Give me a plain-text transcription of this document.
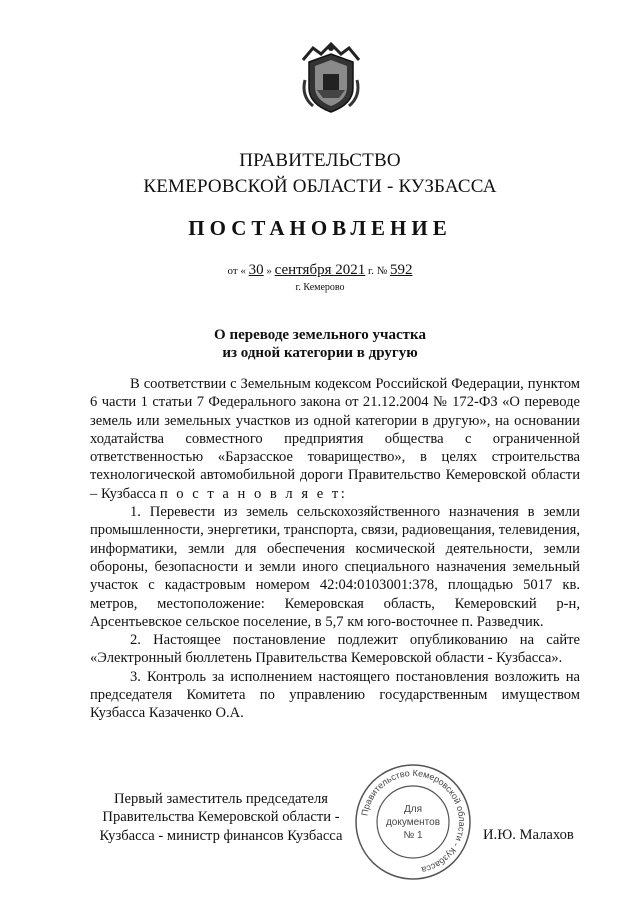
ПРАВИТЕЛЬСТВО
КЕМЕРОВСКОЙ ОБЛАСТИ - КУЗБАССА
ПОСТАНОВЛЕНИЕ
от « 30 » сентября 2021 г. № 592
г. Кемерово
О переводе земельного участка
из одной категории в другую

В соответствии с Земельным кодексом Российской Федерации, пунктом 6 части 1 статьи 7 Федерального закона от 21.12.2004 № 172-ФЗ «О переводе земель или земельных участков из одной категории в другую», на основании ходатайства совместного предприятия общества с ограниченной ответственностью «Барзасское товарищество», в целях строительства технологической автомобильной дороги Правительство Кемеровской области – Кузбасса п о с т а н о в л я е т:

1. Перевести из земель сельскохозяйственного назначения в земли промышленности, энергетики, транспорта, связи, радиовещания, телевидения, информатики, земли для обеспечения космической деятельности, земли обороны, безопасности и земли иного специального назначения земельный участок с кадастровым номером 42:04:0103001:378, площадью 5017 кв. метров, местоположение: Кемеровская область, Кемеровский р-н, Арсентьевское сельское поселение, в 5,7 км юго-восточнее п. Разведчик.

2. Настоящее постановление подлежит опубликованию на сайте «Электронный бюллетень Правительства Кемеровской области - Кузбасса».

3. Контроль за исполнением настоящего постановления возложить на председателя Комитета по управлению государственным имуществом Кузбасса Казаченко О.А.

Первый заместитель председателя
Правительства Кемеровской области -
Кузбасса - министр финансов Кузбасса	И.Ю. Малахов
Правительство Кемеровской области - Кузбасса
Для
документов
№ 1
